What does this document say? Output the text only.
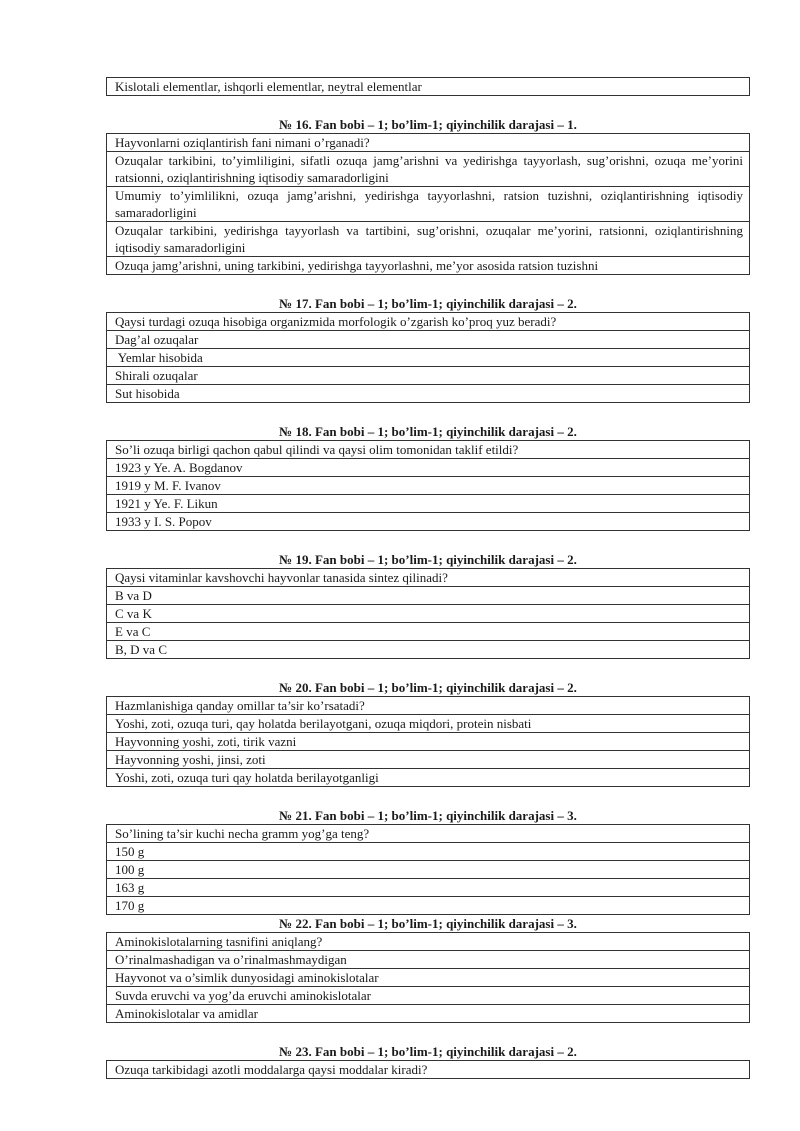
Kislotali elementlar, ishqorli elementlar, neytral elementlar
№ 16. Fan bobi – 1; bo’lim-1; qiyinchilik darajasi – 1.
Hayvonlarni oziqlantirish fani nimani o’rganadi?
Ozuqalar tarkibini, to’yimliligini, sifatli ozuqa jamg’arishni va yedirishga tayyorlash, sug’orishni, ozuqa me’yorini ratsionni, oziqlantirishning iqtisodiy samaradorligini
Umumiy to’yimlilikni, ozuqa jamg’arishni, yedirishga tayyorlashni, ratsion tuzishni, oziqlantirishning iqtisodiy samaradorligini
Ozuqalar tarkibini, yedirishga tayyorlash va tartibini, sug’orishni, ozuqalar me’yorini, ratsionni, oziqlantirishning iqtisodiy samaradorligini
Ozuqa jamg’arishni, uning tarkibini, yedirishga tayyorlashni, me’yor asosida ratsion tuzishni
№ 17. Fan bobi – 1; bo’lim-1; qiyinchilik darajasi – 2.
Qaysi turdagi ozuqa hisobiga organizmida morfologik o’zgarish ko’proq yuz beradi?
Dag’al ozuqalar
Yemlar hisobida
Shirali ozuqalar
Sut hisobida
№ 18. Fan bobi – 1; bo’lim-1; qiyinchilik darajasi – 2.
So’li ozuqa birligi qachon qabul qilindi va qaysi olim tomonidan taklif etildi?
1923 y Ye. A. Bogdanov
1919 y M. F. Ivanov
1921 y Ye. F. Likun
1933 y I. S. Popov
№ 19. Fan bobi – 1; bo’lim-1; qiyinchilik darajasi – 2.
Qaysi vitaminlar kavshovchi hayvonlar tanasida sintez qilinadi?
B va D
C va K
E va C
B, D va C
№ 20. Fan bobi – 1; bo’lim-1; qiyinchilik darajasi – 2.
Hazmlanishiga qanday omillar ta’sir ko’rsatadi?
Yoshi, zoti, ozuqa turi, qay holatda berilayotgani, ozuqa miqdori, protein nisbati
Hayvonning yoshi, zoti, tirik vazni
Hayvonning yoshi, jinsi, zoti
Yoshi, zoti, ozuqa turi qay holatda berilayotganligi
№ 21. Fan bobi – 1; bo’lim-1; qiyinchilik darajasi – 3.
So’lining ta’sir kuchi necha gramm yog’ga teng?
150 g
100 g
163 g
170 g
№ 22. Fan bobi – 1; bo’lim-1; qiyinchilik darajasi – 3.
Aminokislotalarning tasnifini aniqlang?
O’rinalmashadigan va o’rinalmashmaydigan
Hayvonot va o’simlik dunyosidagi aminokislotalar
Suvda eruvchi va yog’da eruvchi aminokislotalar
Aminokislotalar va amidlar
№ 23. Fan bobi – 1; bo’lim-1; qiyinchilik darajasi – 2.
Ozuqa tarkibidagi azotli moddalarga qaysi moddalar kiradi?
